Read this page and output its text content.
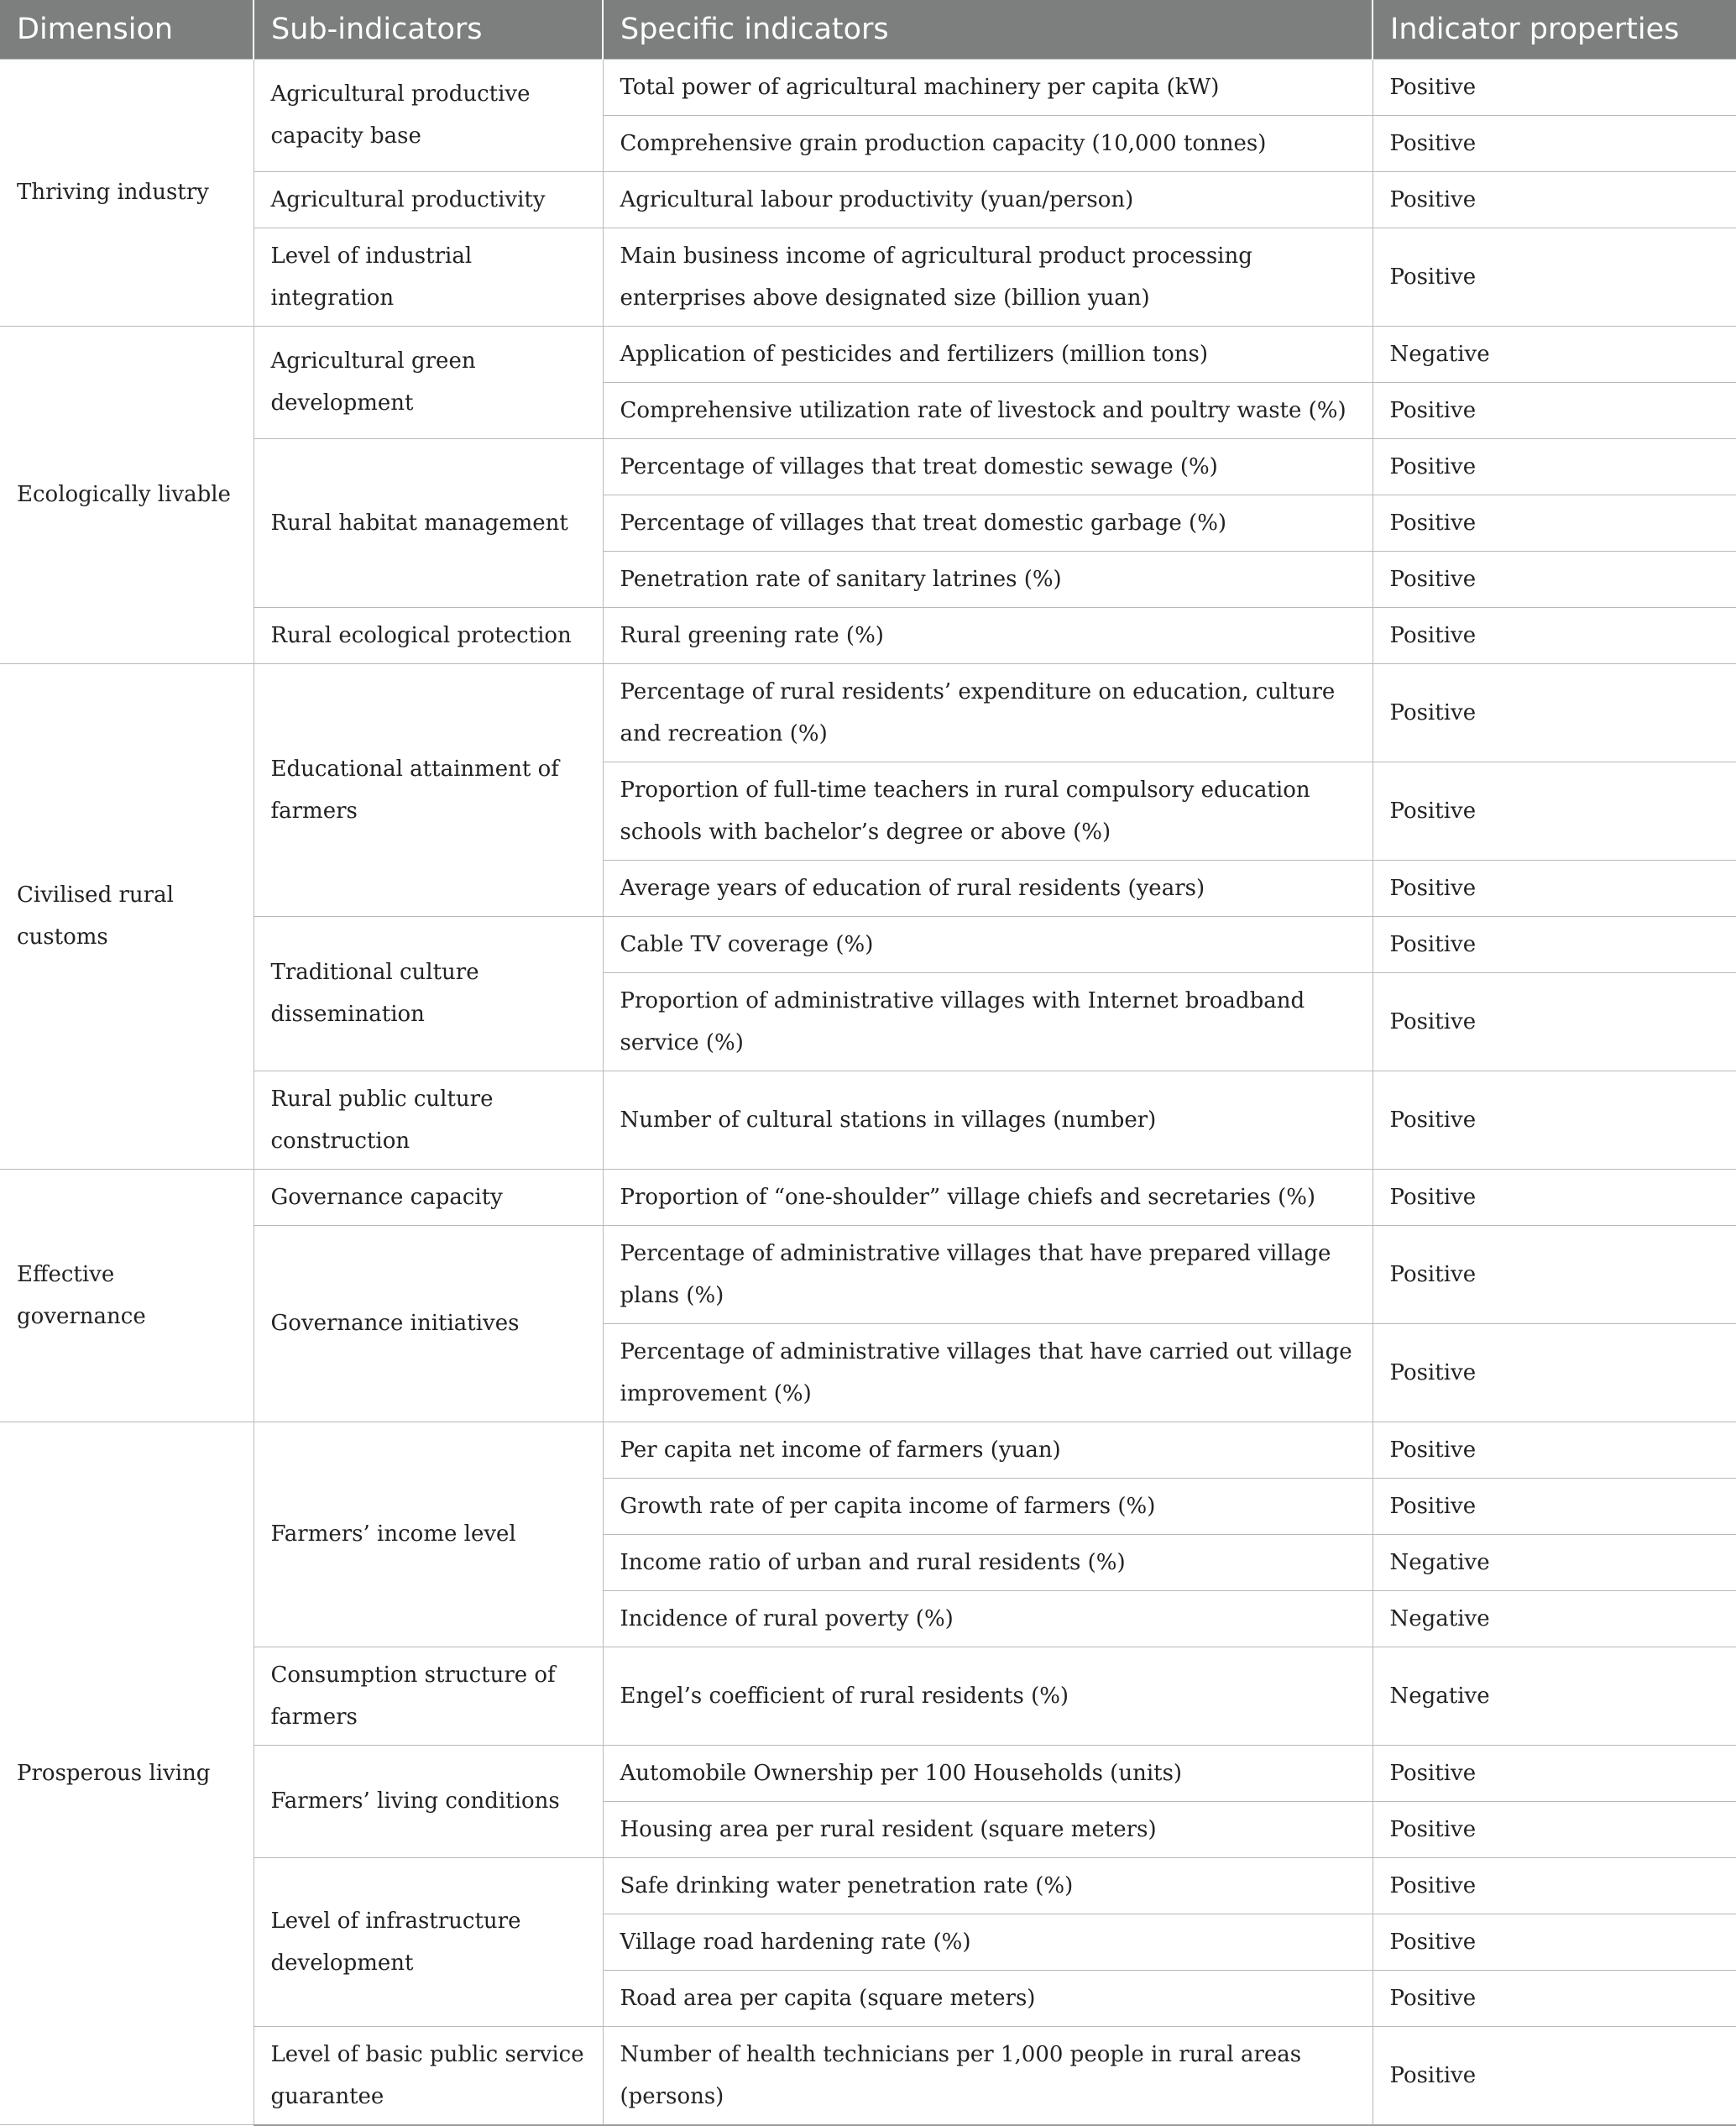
Dimension	Sub-indicators	Specific indicators	Indicator properties
Thriving industry	Agricultural productive capacity base	Total power of agricultural machinery per capita (kW)	Positive
		Comprehensive grain production capacity (10,000 tonnes)	Positive
	Agricultural productivity	Agricultural labour productivity (yuan/person)	Positive
	Level of industrial integration	Main business income of agricultural product processing enterprises above designated size (billion yuan)	Positive
Ecologically livable	Agricultural green development	Application of pesticides and fertilizers (million tons)	Negative
		Comprehensive utilization rate of livestock and poultry waste (%)	Positive
	Rural habitat management	Percentage of villages that treat domestic sewage (%)	Positive
		Percentage of villages that treat domestic garbage (%)	Positive
		Penetration rate of sanitary latrines (%)	Positive
	Rural ecological protection	Rural greening rate (%)	Positive
Civilised rural customs	Educational attainment of farmers	Percentage of rural residents’ expenditure on education, culture and recreation (%)	Positive
		Proportion of full-time teachers in rural compulsory education schools with bachelor’s degree or above (%)	Positive
		Average years of education of rural residents (years)	Positive
	Traditional culture dissemination	Cable TV coverage (%)	Positive
		Proportion of administrative villages with Internet broadband service (%)	Positive
	Rural public culture construction	Number of cultural stations in villages (number)	Positive
Effective governance	Governance capacity	Proportion of “one-shoulder” village chiefs and secretaries (%)	Positive
	Governance initiatives	Percentage of administrative villages that have prepared village plans (%)	Positive
		Percentage of administrative villages that have carried out village improvement (%)	Positive
Prosperous living	Farmers’ income level	Per capita net income of farmers (yuan)	Positive
		Growth rate of per capita income of farmers (%)	Positive
		Income ratio of urban and rural residents (%)	Negative
		Incidence of rural poverty (%)	Negative
	Consumption structure of farmers	Engel’s coefficient of rural residents (%)	Negative
	Farmers’ living conditions	Automobile Ownership per 100 Households (units)	Positive
		Housing area per rural resident (square meters)	Positive
	Level of infrastructure development	Safe drinking water penetration rate (%)	Positive
		Village road hardening rate (%)	Positive
		Road area per capita (square meters)	Positive
	Level of basic public service guarantee	Number of health technicians per 1,000 people in rural areas (persons)	Positive
